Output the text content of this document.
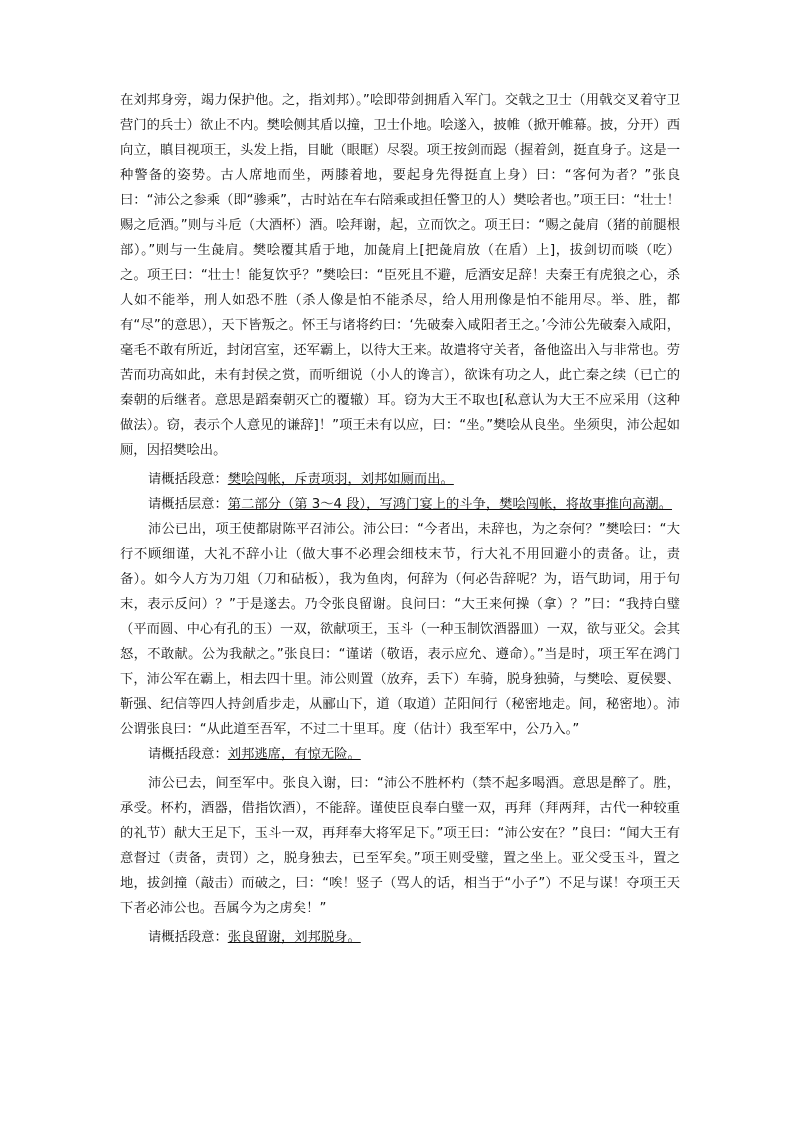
在刘邦身旁，竭力保护他。之，指刘邦）。”哙即带剑拥盾入军门。交戟之卫士（用戟交叉着守卫营门的兵士）欲止不内。樊哙侧其盾以撞，卫士仆地。哙遂入，披帷（掀开帷幕。披，分开）西向立，瞋目视项王，头发上指，目眦（眼眶）尽裂。项王按剑而跽（握着剑，挺直身子。这是一种警备的姿势。古人席地而坐，两膝着地，要起身先得挺直上身）曰：“客何为者？”张良曰：“沛公之参乘（即“骖乘”，古时站在车右陪乘或担任警卫的人）樊哙者也。”项王曰：“壮士！赐之卮酒。”则与斗卮（大酒杯）酒。哙拜谢，起，立而饮之。项王曰：“赐之彘肩（猪的前腿根部）。”则与一生彘肩。樊哙覆其盾于地，加彘肩上[把彘肩放（在盾）上]，拔剑切而啖（吃）之。项王曰：“壮士！能复饮乎？”樊哙曰：“臣死且不避，卮酒安足辞！夫秦王有虎狼之心，杀人如不能举，刑人如恐不胜（杀人像是怕不能杀尽，给人用刑像是怕不能用尽。举、胜，都有“尽”的意思），天下皆叛之。怀王与诸将约曰：‘先破秦入咸阳者王之。’今沛公先破秦入咸阳，毫毛不敢有所近，封闭宫室，还军霸上，以待大王来。故遣将守关者，备他盗出入与非常也。劳苦而功高如此，未有封侯之赏，而听细说（小人的谗言），欲诛有功之人，此亡秦之续（已亡的秦朝的后继者。意思是蹈秦朝灭亡的覆辙）耳。窃为大王不取也[私意认为大王不应采用（这种做法）。窃，表示个人意见的谦辞]！”项王未有以应，曰：“坐。”樊哙从良坐。坐须臾，沛公起如厕，因招樊哙出。

请概括段意：樊哙闯帐，斥责项羽，刘邦如厕而出。

请概括层意：第二部分（第 3～4 段），写鸿门宴上的斗争，樊哙闯帐，将故事推向高潮。

沛公已出，项王使都尉陈平召沛公。沛公曰：“今者出，未辞也，为之奈何？”樊哙曰：“大行不顾细谨，大礼不辞小让（做大事不必理会细枝末节，行大礼不用回避小的责备。让，责备）。如今人方为刀俎（刀和砧板），我为鱼肉，何辞为（何必告辞呢？为，语气助词，用于句末，表示反问）？”于是遂去。乃令张良留谢。良问曰：“大王来何操（拿）？”曰：“我持白璧（平而圆、中心有孔的玉）一双，欲献项王，玉斗（一种玉制饮酒器皿）一双，欲与亚父。会其怒，不敢献。公为我献之。”张良曰：“谨诺（敬语，表示应允、遵命）。”当是时，项王军在鸿门下，沛公军在霸上，相去四十里。沛公则置（放弃，丢下）车骑，脱身独骑，与樊哙、夏侯婴、靳强、纪信等四人持剑盾步走，从郦山下，道（取道）芷阳间行（秘密地走。间，秘密地）。沛公谓张良曰：“从此道至吾军，不过二十里耳。度（估计）我至军中，公乃入。”

请概括段意：刘邦逃席，有惊无险。

沛公已去，间至军中。张良入谢，曰：“沛公不胜杯杓（禁不起多喝酒。意思是醉了。胜，承受。杯杓，酒器，借指饮酒），不能辞。谨使臣良奉白璧一双，再拜（拜两拜，古代一种较重的礼节）献大王足下，玉斗一双，再拜奉大将军足下。”项王曰：“沛公安在？”良曰：“闻大王有意督过（责备，责罚）之，脱身独去，已至军矣。”项王则受璧，置之坐上。亚父受玉斗，置之地，拔剑撞（敲击）而破之，曰：“唉！竖子（骂人的话，相当于“小子”）不足与谋！夺项王天下者必沛公也。吾属今为之虏矣！”

请概括段意：张良留谢，刘邦脱身。
